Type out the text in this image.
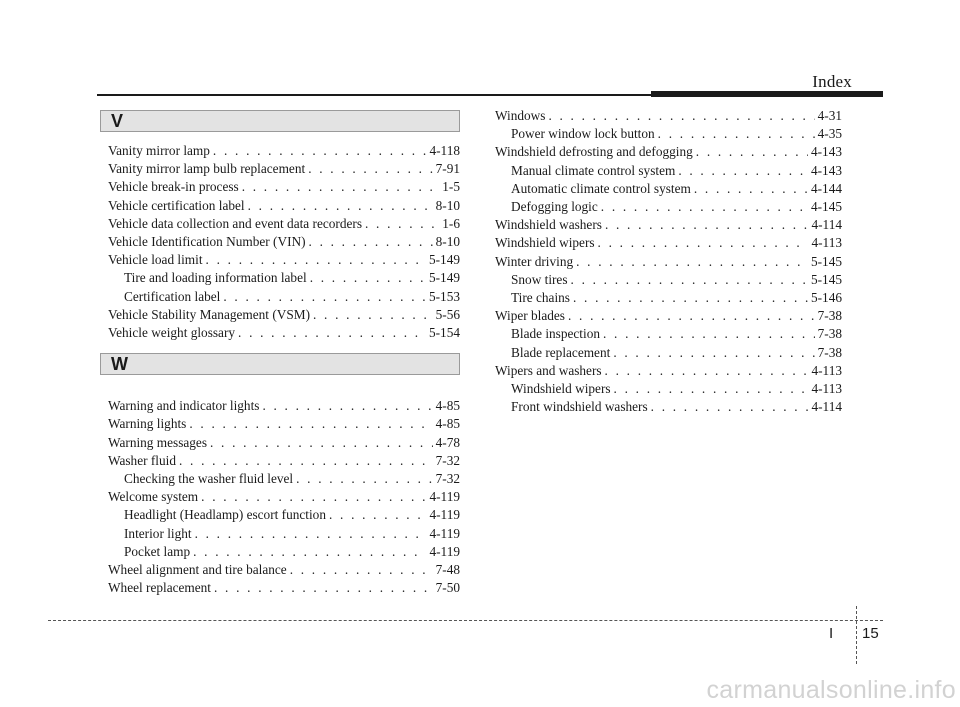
Index
V
Vanity mirror lamp . . .	4-118
Vanity mirror lamp bulb replacement . . .	7-91
Vehicle break-in process . . .	1-5
Vehicle certification label . . .	8-10
Vehicle data collection and event data recorders . . .	1-6
Vehicle Identification Number (VIN) . . .	8-10
Vehicle load limit . . .	5-149
Tire and loading information label . . .	5-149
Certification label . . .	5-153
Vehicle Stability Management (VSM) . . .	5-56
Vehicle weight glossary . . .	5-154
W
Warning and indicator lights . . .	4-85
Warning lights . . .	4-85
Warning messages . . .	4-78
Washer fluid . . .	7-32
Checking the washer fluid level . . .	7-32
Welcome system . . .	4-119
Headlight (Headlamp) escort function . . .	4-119
Interior light . . .	4-119
Pocket lamp . . .	4-119
Wheel alignment and tire balance . . .	7-48
Wheel replacement . . .	7-50
Windows . . .	4-31
Power window lock button . . .	4-35
Windshield defrosting and defogging . . .	4-143
Manual climate control system . . .	4-143
Automatic climate control system . . .	4-144
Defogging logic . . .	4-145
Windshield washers . . .	4-114
Windshield wipers . . .	4-113
Winter driving . . .	5-145
Snow tires . . .	5-145
Tire chains . . .	5-146
Wiper blades . . .	7-38
Blade inspection . . .	7-38
Blade replacement . . .	7-38
Wipers and washers . . .	4-113
Windshield wipers . . .	4-113
Front windshield washers . . .	4-114
I 15
carmanualsonline.info
